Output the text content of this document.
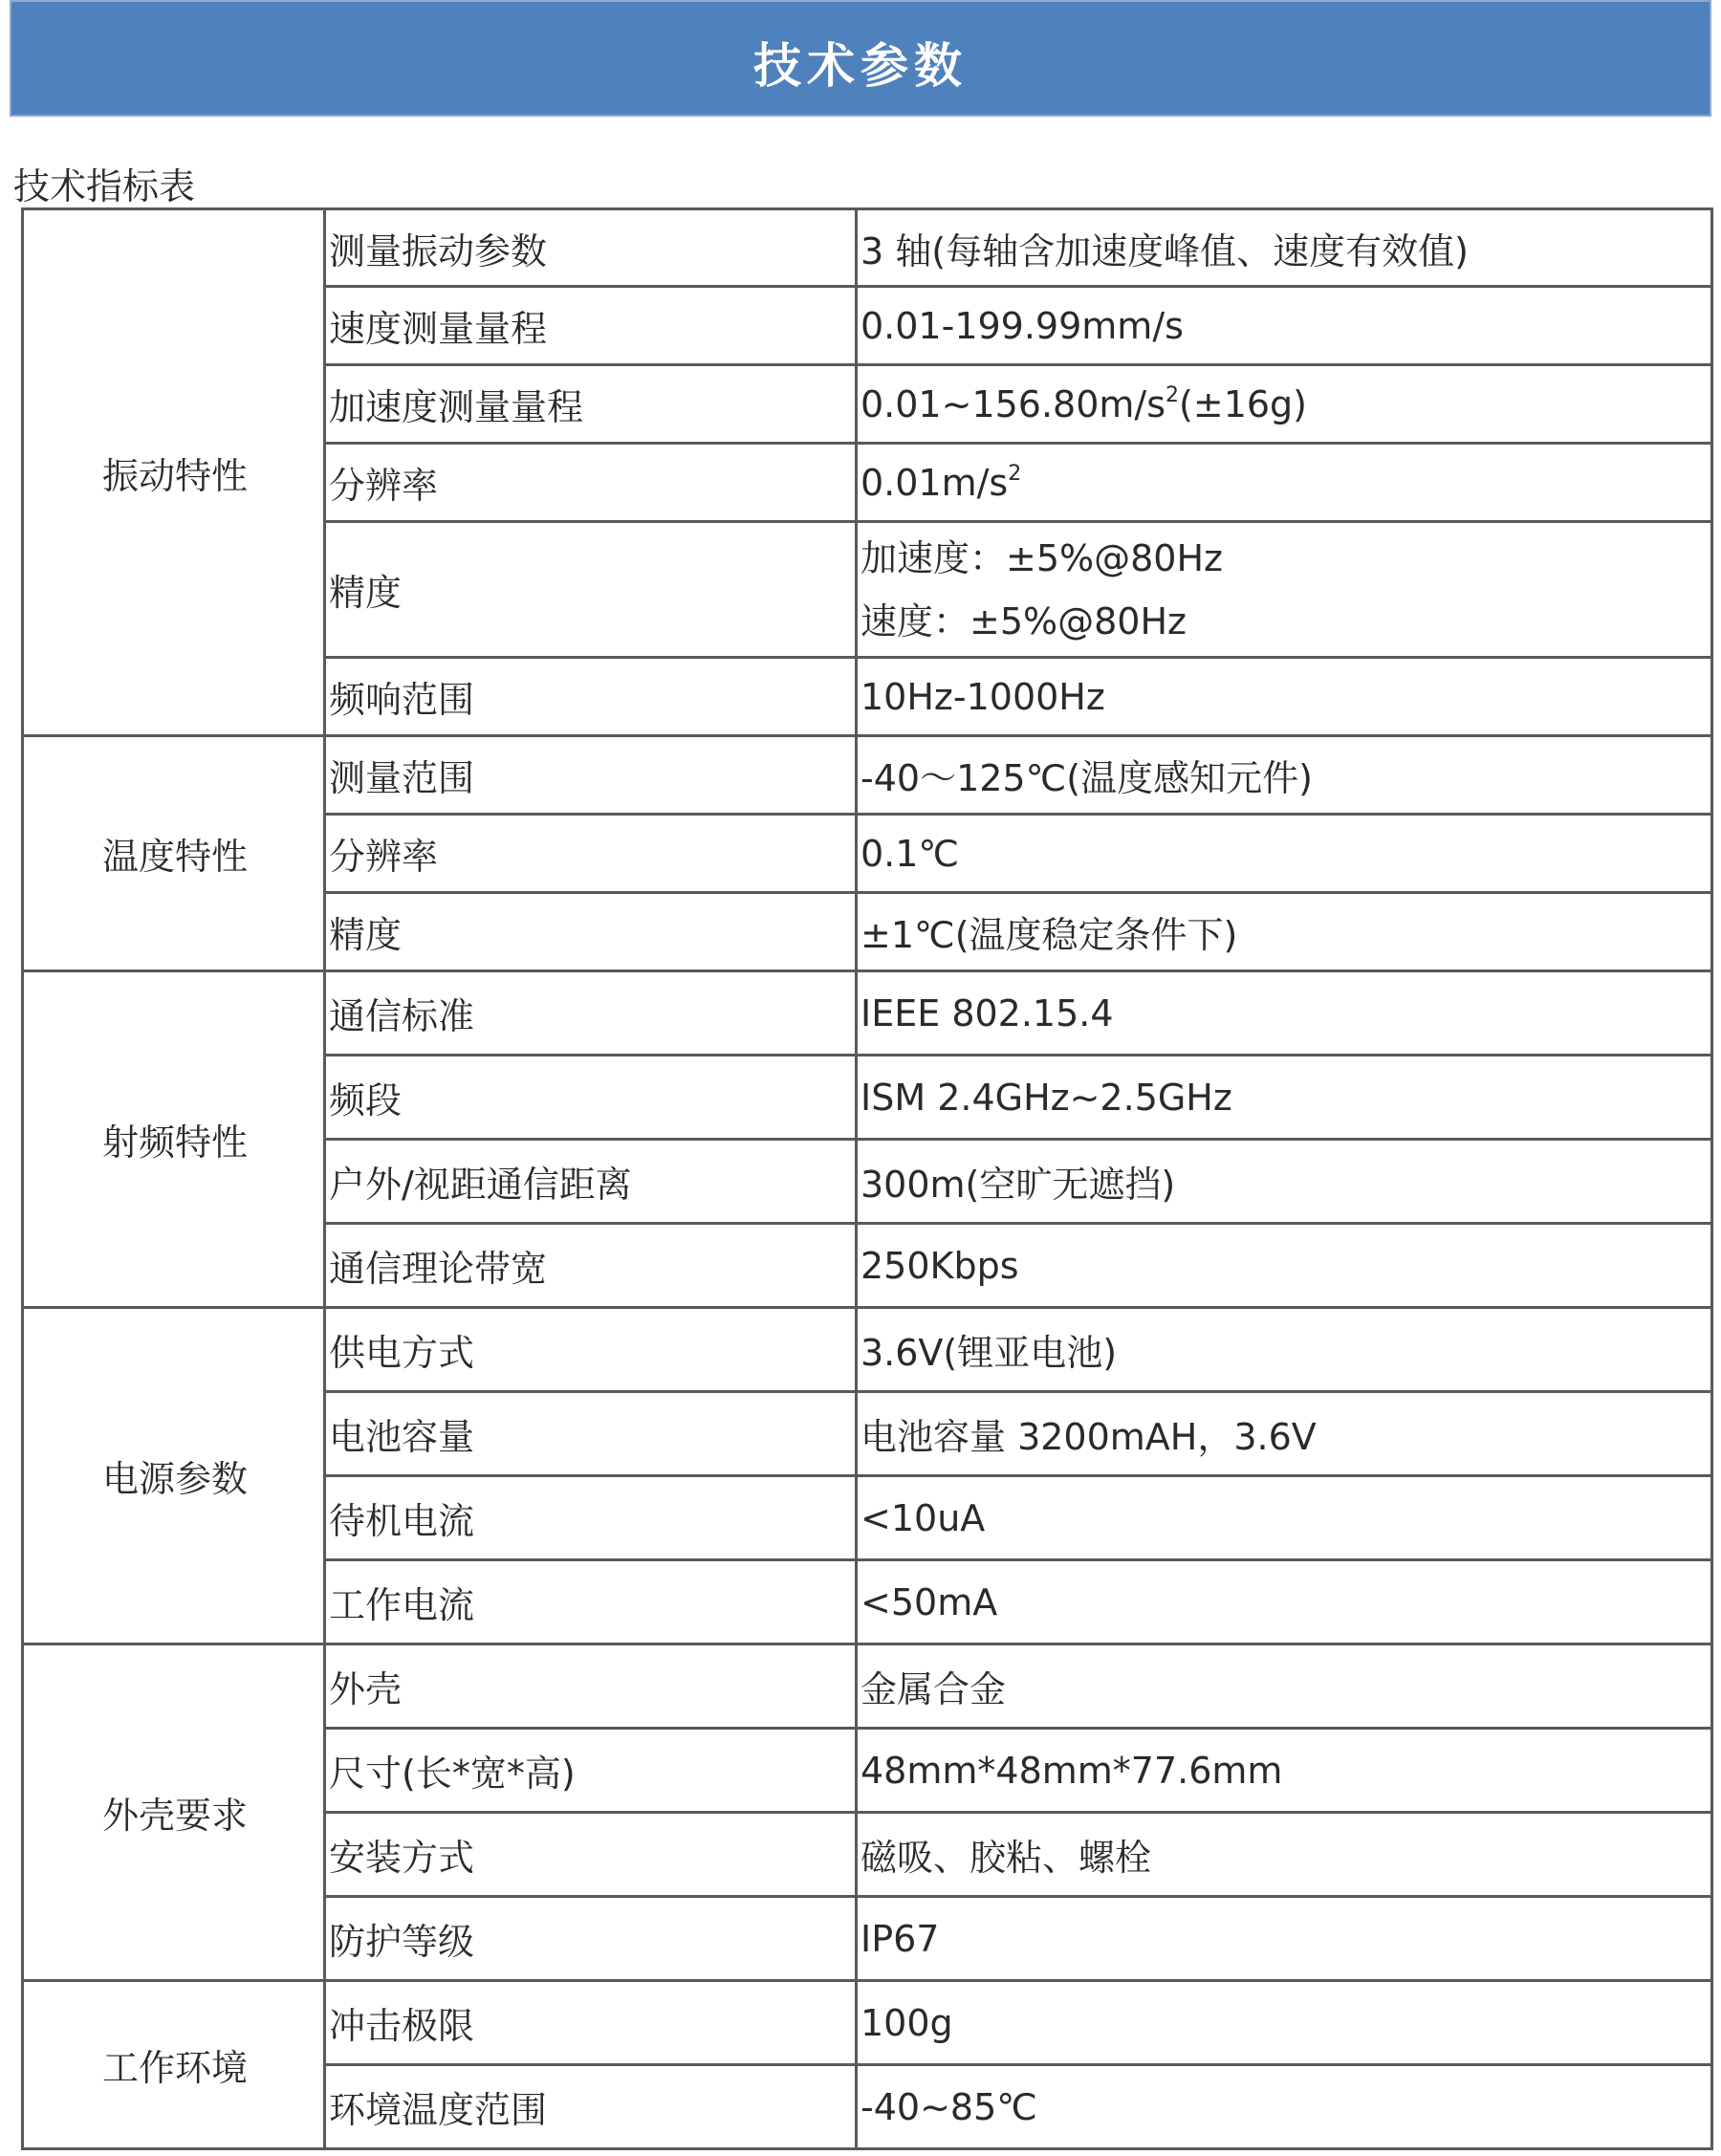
技术参数
技术指标表
振动特性	测量振动参数	3 轴(每轴含加速度峰值、速度有效值)
	速度测量量程	0.01-199.99mm/s
	加速度测量量程	$0.01\sim 156.80m/s^2(\pm 16g)$
	分辨率	$0.01m/s^2$
	精度	加速度：±5%@80Hz
速度：±5%@80Hz

	频响范围	10Hz-1000Hz
温度特性	测量范围	-40～125℃(温度感知元件)
	分辨率	0.1℃
	精度	±1℃(温度稳定条件下)
射频特性	通信标准	IEEE 802.15.4
	频段	ISM 2.4GHz~2.5GHz
	户外/视距通信距离	300m(空旷无遮挡)
	通信理论带宽	250Kbps
电源参数	供电方式	3.6V(锂亚电池)
	电池容量	电池容量 3200mAH，3.6V
	待机电流	<10uA
	工作电流	<50mA
外壳要求	外壳	金属合金
	尺寸(长*宽*高)	48mm*48mm*77.6mm
	安装方式	磁吸、胶粘、螺栓
	防护等级	IP67
工作环境	冲击极限	100g
	环境温度范围	-40~85℃
